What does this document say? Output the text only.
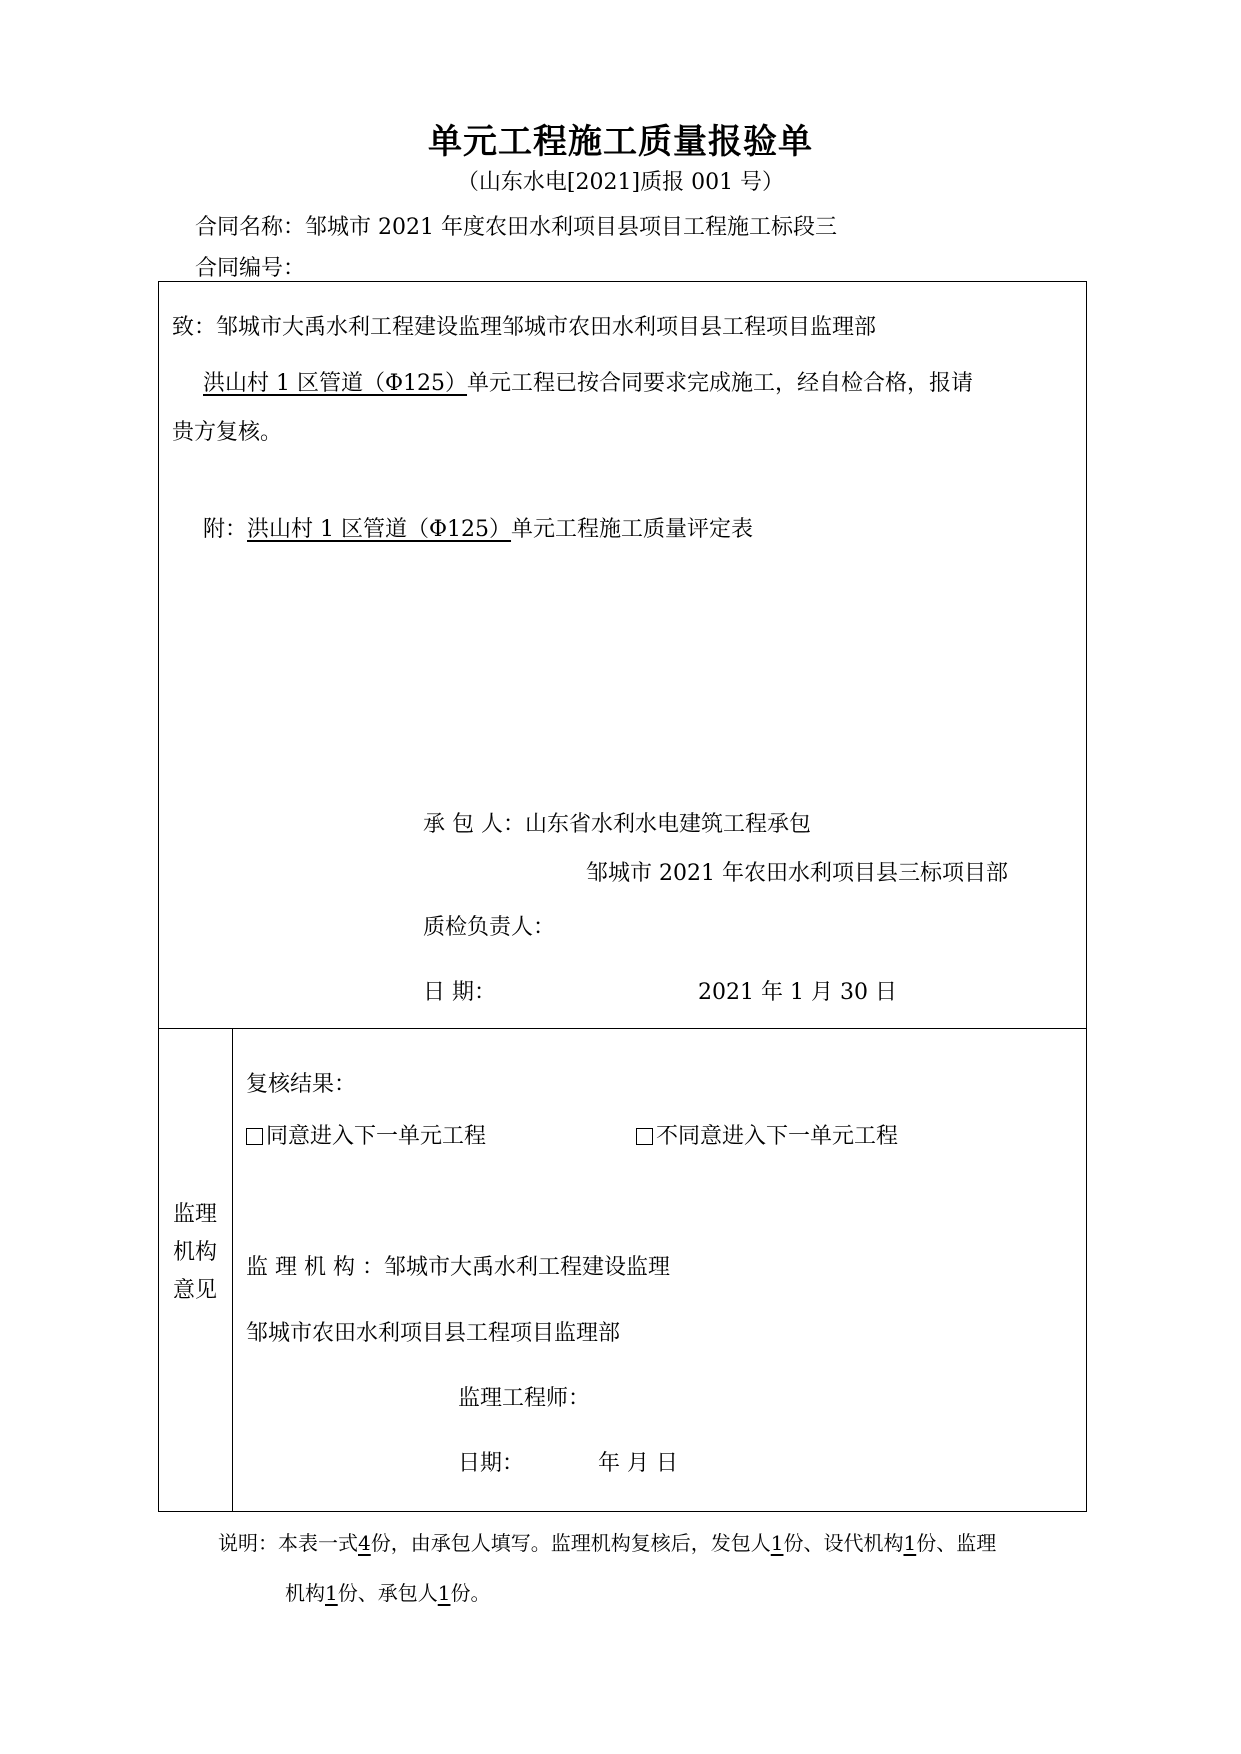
单元工程施工质量报验单
（山东水电[2021]质报 001 号）
合同名称：邹城市 2021 年度农田水利项目县项目工程施工标段三
合同编号：
致：邹城市大禹水利工程建设监理邹城市农田水利项目县工程项目监理部
洪山村 1 区管道（Φ125）单元工程已按合同要求完成施工，经自检合格，报请
贵方复核。
附：洪山村 1 区管道（Φ125）单元工程施工质量评定表
承 包 人：山东省水利水电建筑工程承包
邹城市 2021 年农田水利项目县三标项目部
质检负责人：
日 期：	2021 年 1 月 30 日
监理
机构
意见
复核结果：
同意进入下一单元工程	不同意进入下一单元工程
监 理 机 构 ：邹城市大禹水利工程建设监理
邹城市农田水利项目县工程项目监理部
监理工程师：
日期：	年 月 日
说明：本表一式4份，由承包人填写。监理机构复核后，发包人1份、设代机构1份、监理
机构1份、承包人1份。
